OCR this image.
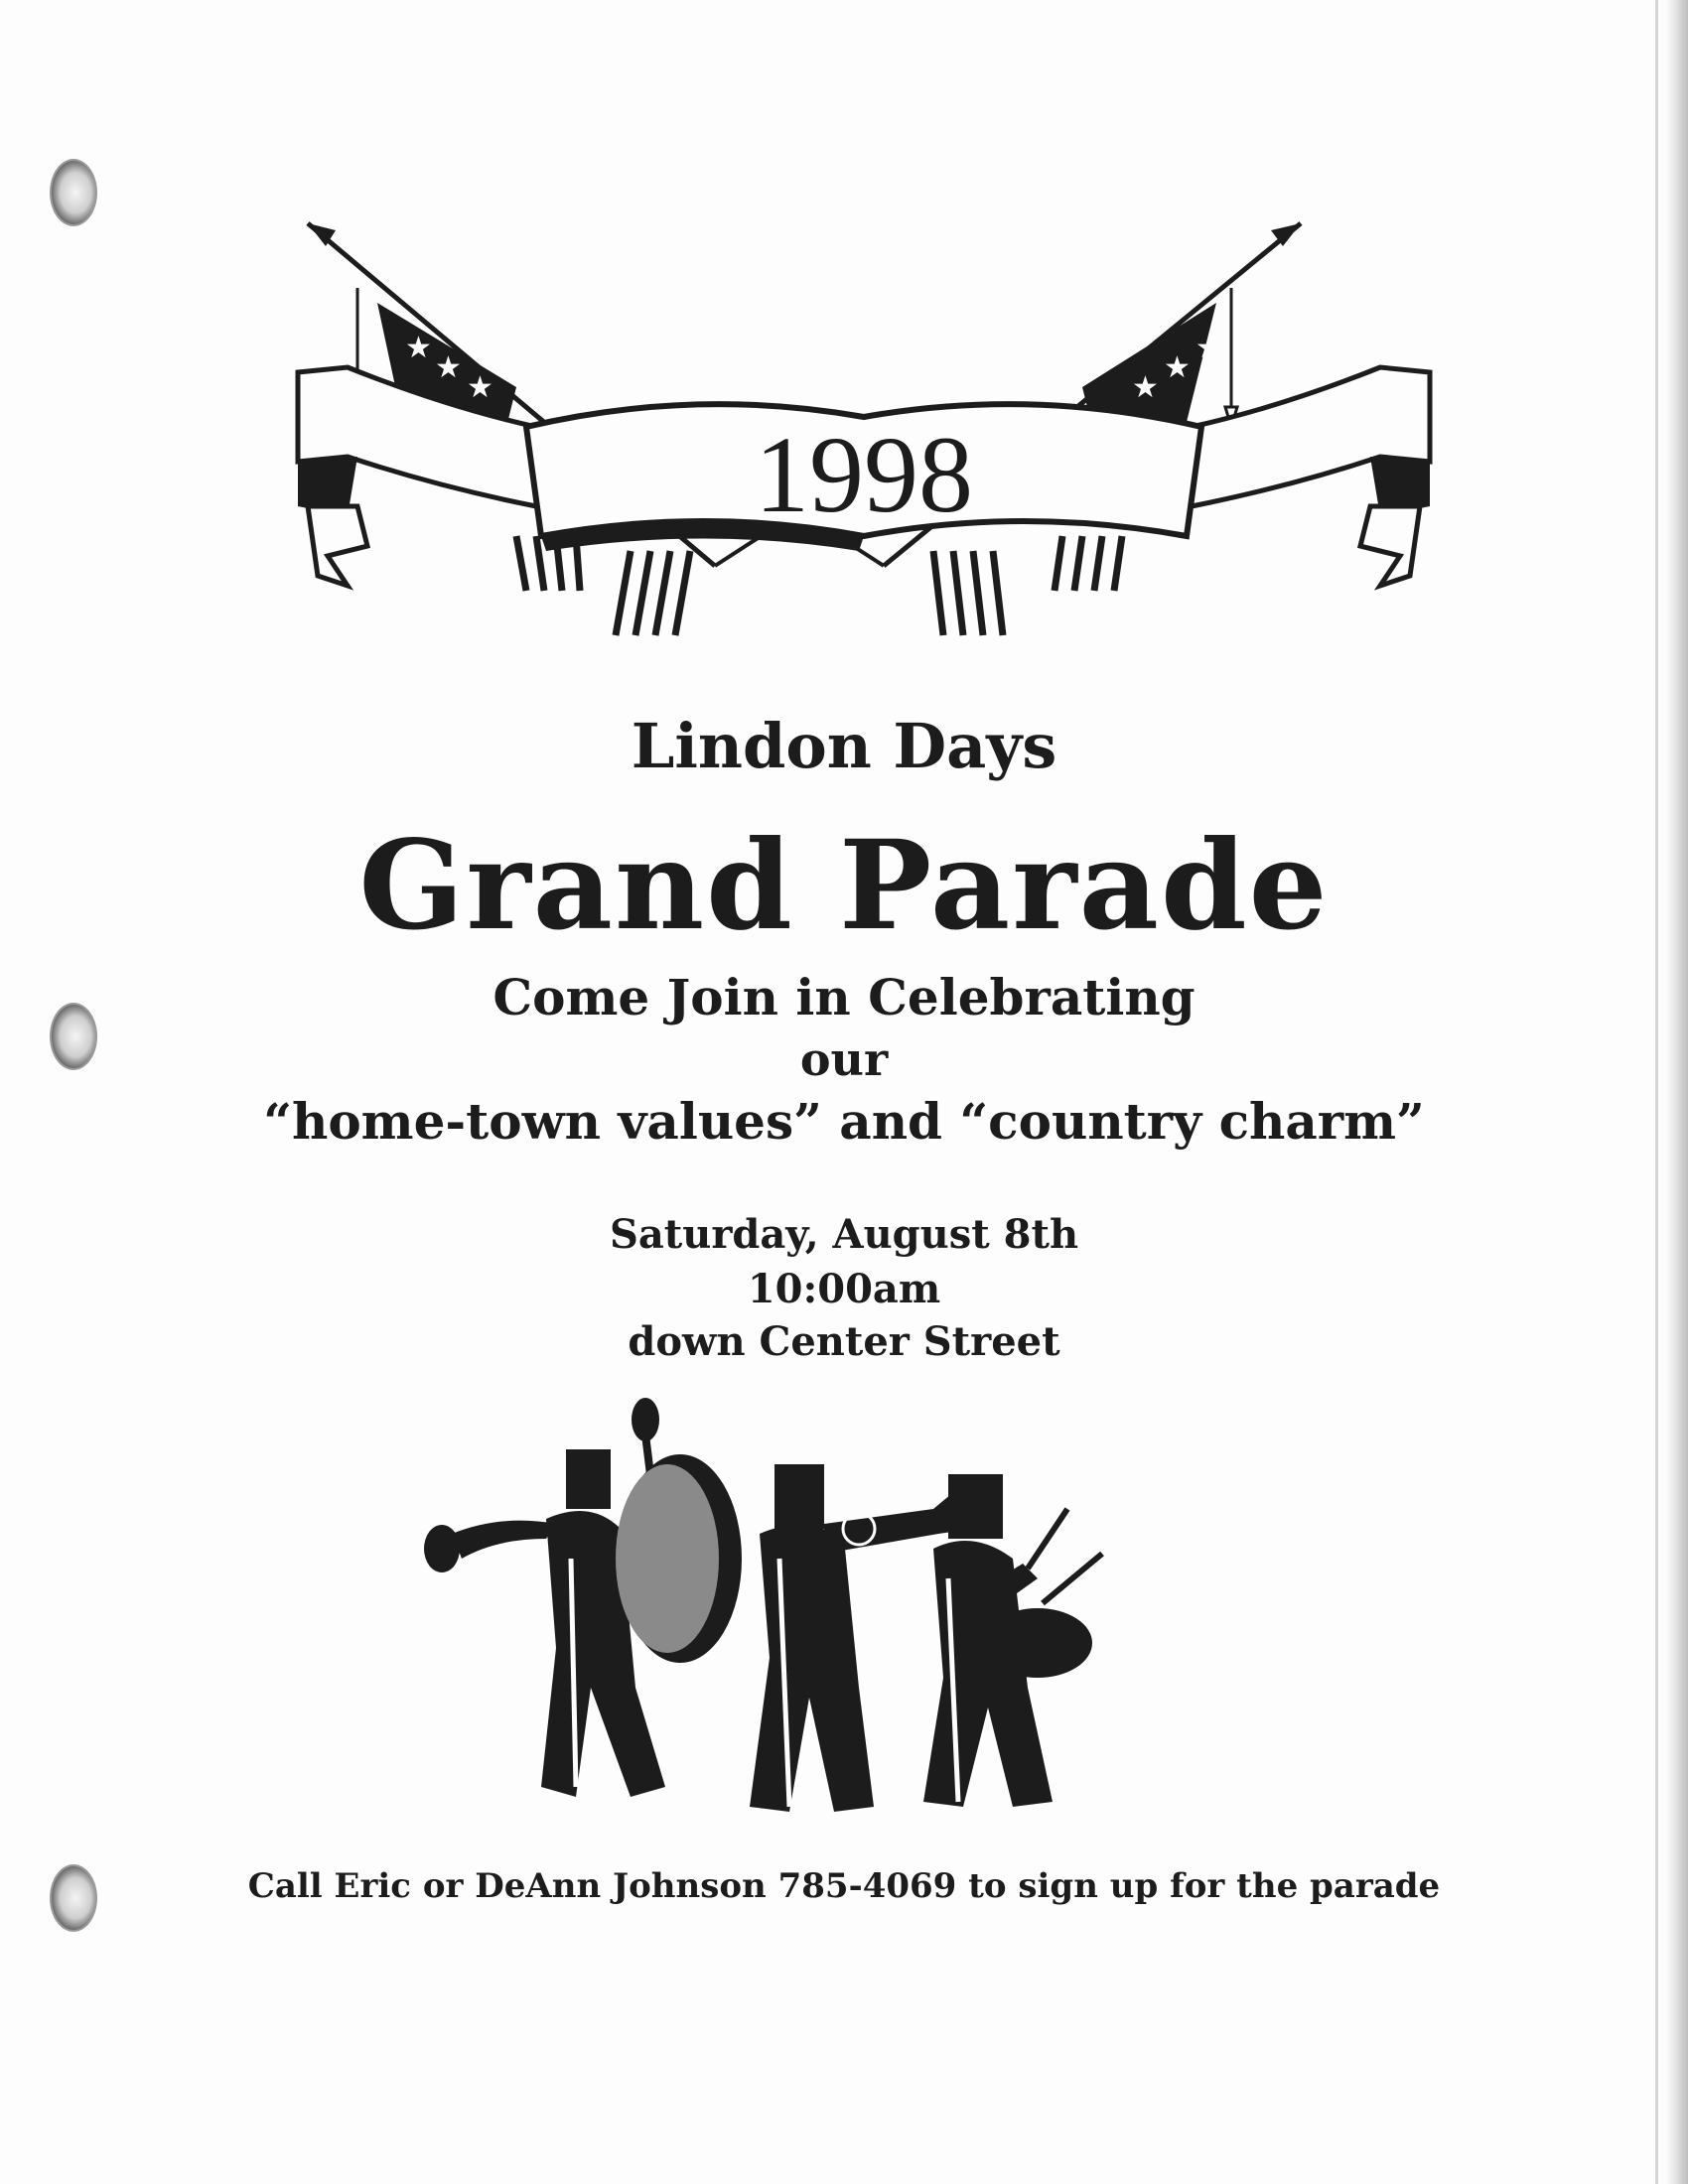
★
★
★	★
★
★
1998
Lindon Days
Grand Parade
Come Join in Celebrating
our
“home-town values” and “country charm”
Saturday, August 8th
10:00am
down Center Street
Call Eric or DeAnn Johnson 785-4069 to sign up for the parade
